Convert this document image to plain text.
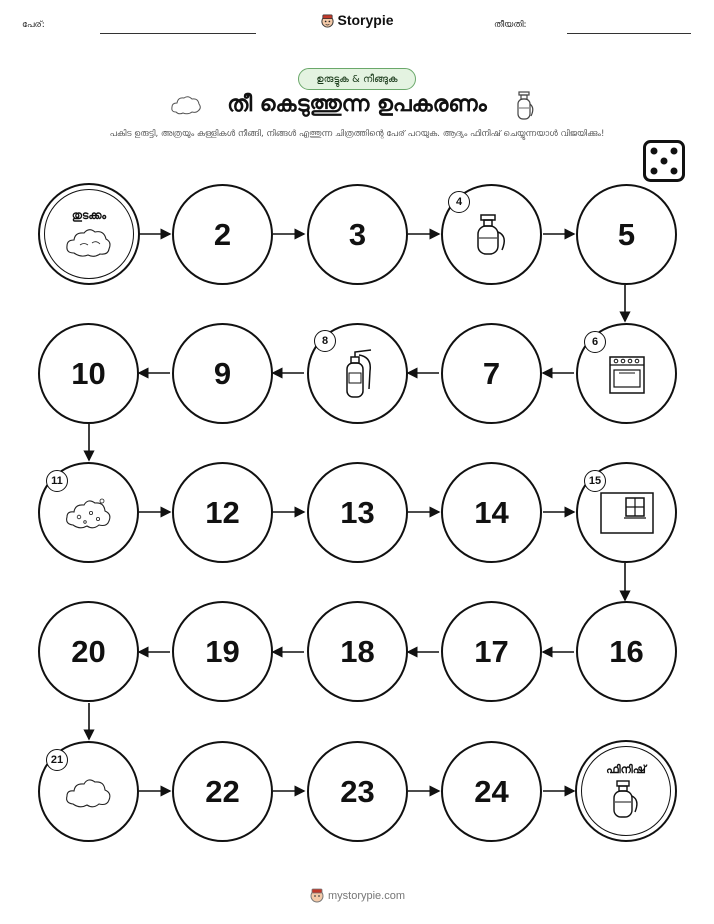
പേര്:	Storypie	തീയതി:
ഉരുട്ടുക & നീങ്ങുക
തീ കെടുത്തുന്ന ഉപകരണം
പകിട ഉരുട്ടി, അത്രയും കള്ളികൾ നീങ്ങി, നിങ്ങൾ എത്തുന്ന ചിത്രത്തിന്റെ പേര് പറയുക. ആദ്യം ഫിനിഷ് ചെയ്യുന്നയാൾ വിജയിക്കും!
തുടക്കം
2	3
4
5
10	9
8
7
6
11
12	13	14
15
20	19	18	17	16
21
22	23	24
ഫിനിഷ്
mystorypie.com
